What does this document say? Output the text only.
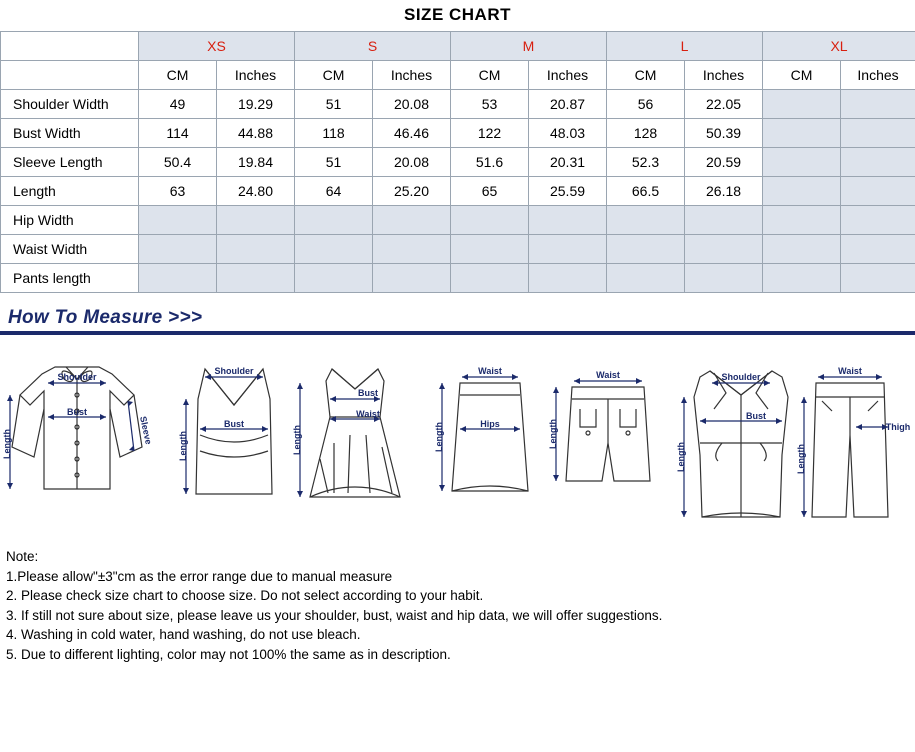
SIZE CHART
	XS		S		M		L		XL	
	CM	Inches	CM	Inches	CM	Inches	CM	Inches	CM	Inches
Shoulder Width	49	19.29	51	20.08	53	20.87	56	22.05		
Bust Width	114	44.88	118	46.46	122	48.03	128	50.39		
Sleeve Length	50.4	19.84	51	20.08	51.6	20.31	52.3	20.59		
Length	63	24.80	64	25.20	65	25.59	66.5	26.18		
Hip Width										
Waist Width										
Pants length										
How To Measure >>>
Shoulder
Bust
Sleeve
Length
Shoulder
Bust
Length
Bust
Waist
Length
Waist
Hips
Length
Waist
Length
Shoulder
Bust
Length
Waist
Thigh
Length
Note:
1.Please allow"±3"cm as the error range due to manual measure
2. Please check size chart to choose size. Do not select according to your habit.
3. If still not sure about size, please leave us your shoulder, bust, waist and hip data, we will offer suggestions.
4. Washing in cold water, hand washing, do not use bleach.
5. Due to different lighting, color may not 100% the same as in description.
